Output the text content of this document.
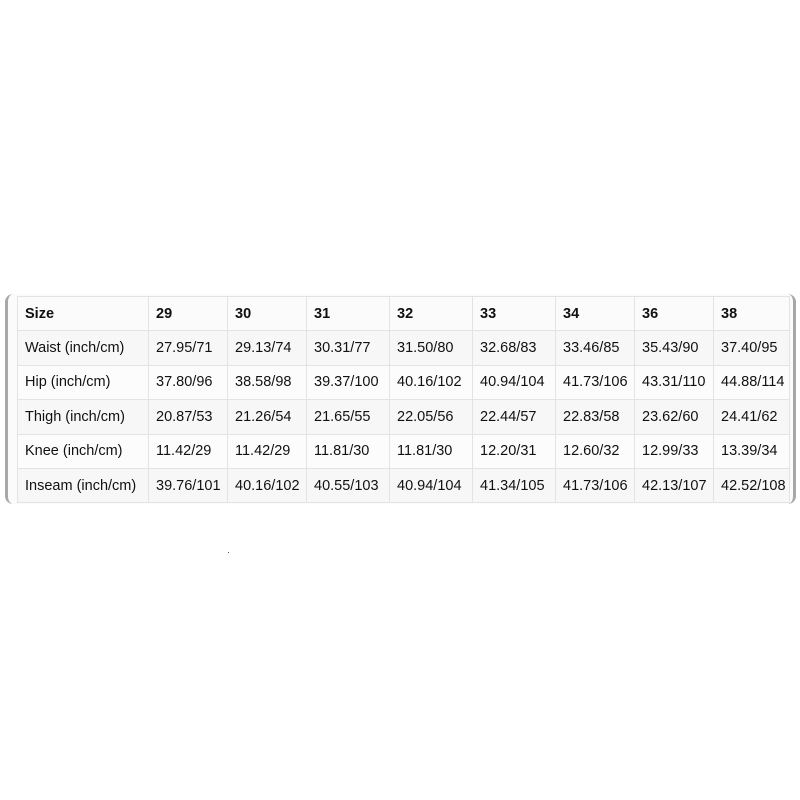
Size	29	30	31	32	33	34	36	38
Waist (inch/cm)	27.95/71	29.13/74	30.31/77	31.50/80	32.68/83	33.46/85	35.43/90	37.40/95
Hip (inch/cm)	37.80/96	38.58/98	39.37/100	40.16/102	40.94/104	41.73/106	43.31/110	44.88/114
Thigh (inch/cm)	20.87/53	21.26/54	21.65/55	22.05/56	22.44/57	22.83/58	23.62/60	24.41/62
Knee (inch/cm)	11.42/29	11.42/29	11.81/30	11.81/30	12.20/31	12.60/32	12.99/33	13.39/34
Inseam (inch/cm)	39.76/101	40.16/102	40.55/103	40.94/104	41.34/105	41.73/106	42.13/107	42.52/108
